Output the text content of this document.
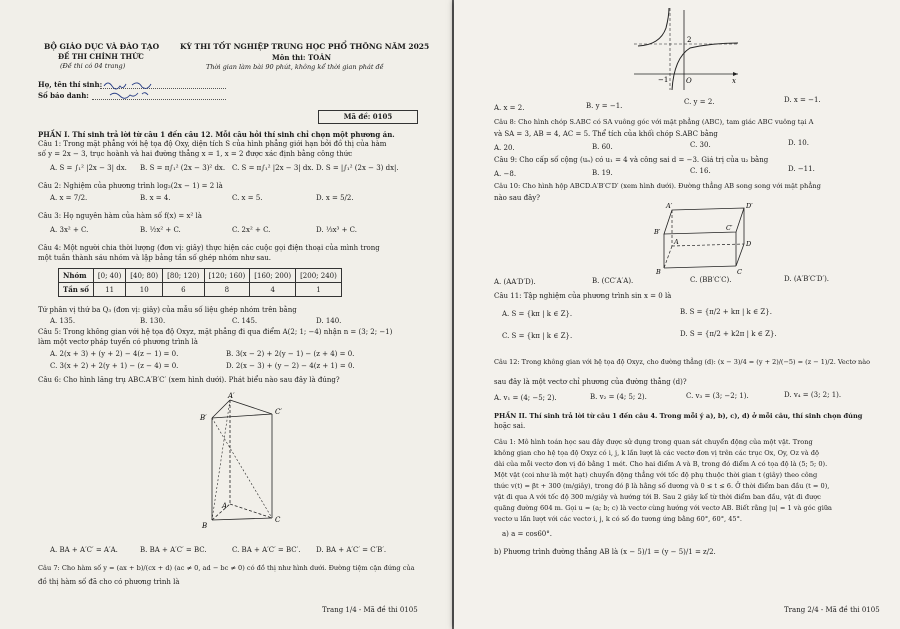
BỘ GIÁO DỤC VÀ ĐÀO TẠO
ĐỀ THI CHÍNH THỨC
(Đề thi có 04 trang)
KỲ THI TỐT NGHIỆP TRUNG HỌC PHỔ THÔNG NĂM 2025
Môn thi: TOÁN
Thời gian làm bài 90 phút, không kể thời gian phát đề
Họ, tên thí sinh:
Số báo danh:
Mã đề: 0105
PHẦN I. Thí sinh trả lời từ câu 1 đến câu 12. Mỗi câu hỏi thí sinh chỉ chọn một phương án.
Câu 1: Trong mặt phẳng với hệ tọa độ Oxy, diện tích S của hình phẳng giới hạn bởi đồ thị của hàm
số y = 2x − 3, trục hoành và hai đường thẳng x = 1, x = 2 được xác định bằng công thức
A. S = ∫₁² |2x − 3| dx. B. S = π∫₁² (2x − 3)² dx. C. S = π∫₁² |2x − 3| dx. D. S = |∫₁² (2x − 3) dx|.
Câu 2: Nghiệm của phương trình log₂(2x − 1) = 2 là
A. x = 7/2.	B. x = 4.	C. x = 5.	D. x = 5/2.
Câu 3: Họ nguyên hàm của hàm số f(x) = x² là
A. 3x² + C.	B. ½x² + C.	C. 2x² + C.	D. ⅓x³ + C.
Câu 4: Một người chia thời lượng (đơn vị: giây) thực hiện các cuộc gọi điện thoại của mình trong
một tuần thành sáu nhóm và lập bảng tần số ghép nhóm như sau.
Nhóm	[0; 40)	[40; 80)	[80; 120)	[120; 160)	[160; 200)	[200; 240)
Tần số	11	10	6	8	4	1
Tứ phân vị thứ ba Q₃ (đơn vị: giây) của mẫu số liệu ghép nhóm trên bằng
A. 135.	B. 130.	C. 145.	D. 140.
Câu 5: Trong không gian với hệ tọa độ Oxyz, mặt phẳng đi qua điểm A(2; 1; −4) nhận n = (3; 2; −1)
làm một vectơ pháp tuyến có phương trình là
A. 2(x + 3) + (y + 2) − 4(z − 1) = 0.	B. 3(x − 2) + 2(y − 1) − (z + 4) = 0.
C. 3(x + 2) + 2(y + 1) − (z − 4) = 0.	D. 2(x − 3) + (y − 2) − 4(z + 1) = 0.
Câu 6: Cho hình lăng trụ ABC.A′B′C′ (xem hình dưới). Phát biểu nào sau đây là đúng?
A′
B′
C′
A
B
C
A. BA + A′C′ = A′A.	B. BA + A′C′ = BC.	C. BA + A′C′ = BC′. D. BA + A′C′ = C′B′.
Câu 7: Cho hàm số y = (ax + b)/(cx + d) (ac ≠ 0, ad − bc ≠ 0) có đồ thị như hình dưới. Đường tiệm cận đứng của
đồ thị hàm số đã cho có phương trình là
Trang 1/4 - Mã đề thi 0105
2
−1	O	x
A. x = 2.	B. y = −1.	C. y = 2.	D. x = −1.
Câu 8: Cho hình chóp S.ABC có SA vuông góc với mặt phẳng (ABC), tam giác ABC vuông tại A
và SA = 3, AB = 4, AC = 5. Thể tích của khối chóp S.ABC bằng
A. 20.	B. 60.	C. 30.	D. 10.
Câu 9: Cho cấp số cộng (uₙ) có u₁ = 4 và công sai d = −3. Giá trị của u₂ bằng
A. −8.	B. 19.	C. 16.	D. −11.
Câu 10: Cho hình hộp ABCD.A′B′C′D′ (xem hình dưới). Đường thẳng AB song song với mặt phẳng
nào sau đây?
A′	D′
B′	C′
A	D
B	C
A. (AA′D′D).	B. (CC′A′A).	C. (BB′C′C).	D. (A′B′C′D′).
Câu 11: Tập nghiệm của phương trình sin x = 0 là
A. S = {kπ | k ∈ Z}.	B. S = {π/2 + kπ | k ∈ Z}.
C. S = {kπ | k ∈ Z}.	D. S = {π/2 + k2π | k ∈ Z}.
Câu 12: Trong không gian với hệ tọa độ Oxyz, cho đường thẳng (d): (x − 3)/4 = (y + 2)/(−5) = (z − 1)/2. Vectơ nào
sau đây là một vectơ chỉ phương của đường thẳng (d)?
A. v₁ = (4; −5; 2).	B. v₂ = (4; 5; 2).	C. v₃ = (3; −2; 1).	D. v₄ = (3; 2; 1).
PHẦN II. Thí sinh trả lời từ câu 1 đến câu 4. Trong mỗi ý a), b), c), d) ở mỗi câu, thí sinh chọn đúng
hoặc sai.
Câu 1: Mô hình toán học sau đây được sử dụng trong quan sát chuyển động của một vật. Trong
không gian cho hệ tọa độ Oxyz có i, j, k lần lượt là các vectơ đơn vị trên các trục Ox, Oy, Oz và độ
dài của mỗi vectơ đơn vị đó bằng 1 mét. Cho hai điểm A và B, trong đó điểm A có tọa độ là (5; 5; 0).
Một vật (coi như là một hạt) chuyển động thẳng với tốc độ phụ thuộc thời gian t (giây) theo công
thức v(t) = βt + 300 (m/giây), trong đó β là hằng số dương và 0 ≤ t ≤ 6. Ở thời điểm ban đầu (t = 0),
vật đi qua A với tốc độ 300 m/giây và hướng tới B. Sau 2 giây kể từ thời điểm ban đầu, vật đi được
quãng đường 604 m. Gọi u = (a; b; c) là vectơ cùng hướng với vectơ AB. Biết rằng |u| = 1 và góc giữa
vectơ u lần lượt với các vectơ i, j, k có số đo tương ứng bằng 60°, 60°, 45°.
a) a = cos60°.
b) Phương trình đường thẳng AB là (x − 5)/1 = (y − 5)/1 = z/2.
Trang 2/4 - Mã đề thi 0105
